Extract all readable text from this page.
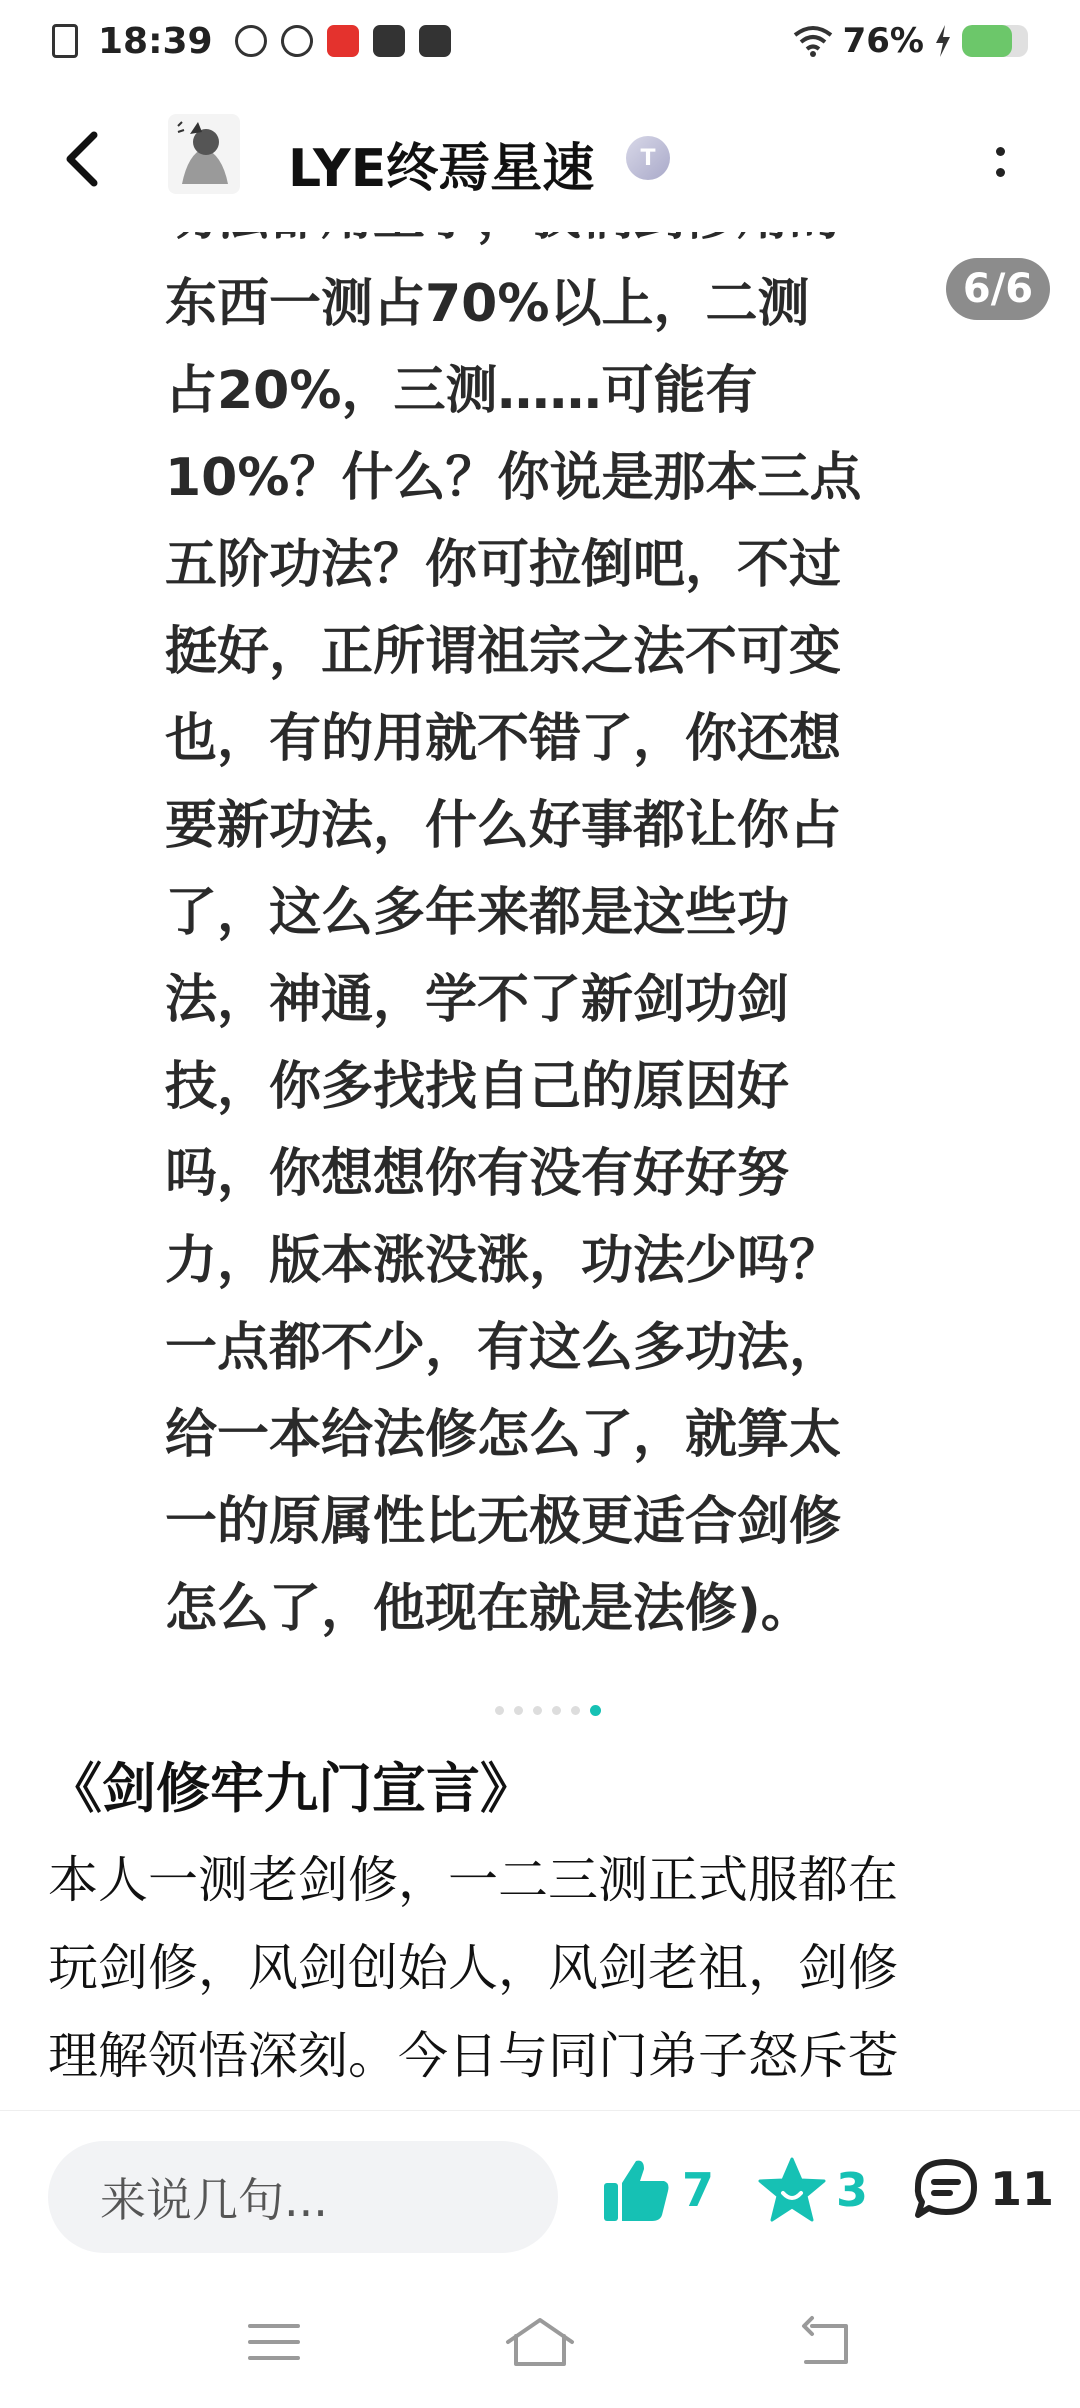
18:39	76%
LYE终焉星速	T
东西一测占70%以上，二测
占20%，三测……可能有
10%？什么？你说是那本三点
五阶功法？你可拉倒吧，不过
挺好，正所谓祖宗之法不可变
也，有的用就不错了，你还想
要新功法，什么好事都让你占
了，这么多年来都是这些功
法，神通，学不了新剑功剑
技，你多找找自己的原因好
吗，你想想你有没有好好努
力，版本涨没涨，功法少吗？
一点都不少，有这么多功法，
给一本给法修怎么了，就算太
一的原属性比无极更适合剑修
怎么了，他现在就是法修)。
6/6
《剑修牢九门宣言》
本人一测老剑修，一二三测正式服都在
玩剑修，风剑创始人，风剑老祖，剑修
理解领悟深刻。今日与同门弟子怒斥苍
来说几句...	7	3	11
